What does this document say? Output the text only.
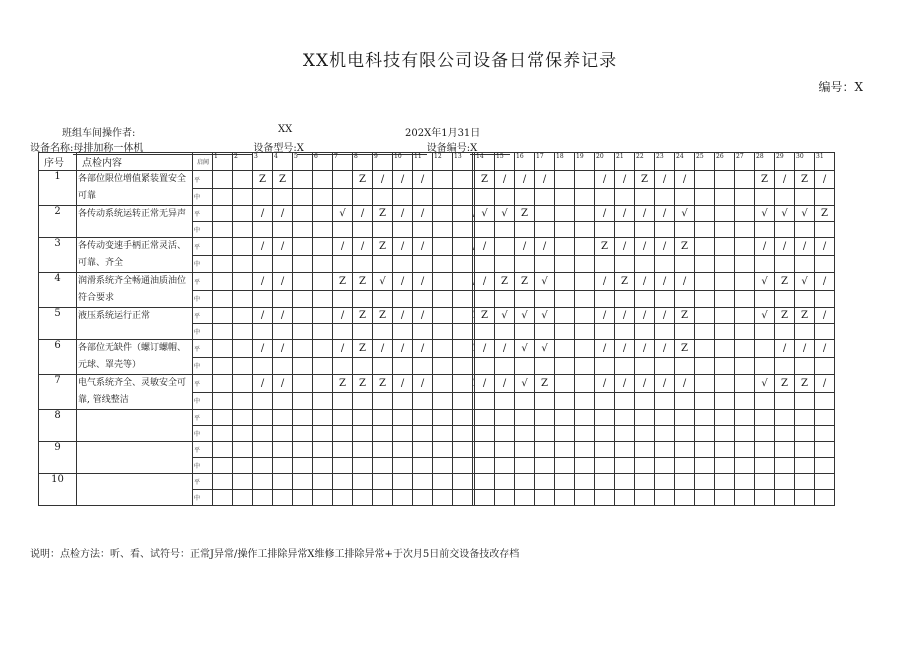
XX机电科技有限公司设备日常保养记录
编号：X
班组车间操作者:	XX	202X年1月31日
设备名称:母排加称一体机	设备型号:X	设备编号:X
序号	点检内容	启间	1	2	3	4	5	6	7	8	9	10	11	12	13		14	15	16	17	18	19	20	21	22	23	24	25	26	27	28	29	30	31
1	各部位限位增值紧装置安全可靠	平			Z	Z				Z	/	/	/				Z	/	/	/			/	/	Z	/	/				Z	/	Z	/
		中																																
2	各传动系统运转正常无异声	平			/	/			√	/	Z	/	/				√	√	Z				/	/	/	/	√				√	√	√	Z
		中																																
3	各传动变速手柄正常灵活、可靠、齐全	平			/	/			/	/	Z	/	/				/		/	/			Z	/	/	/	Z				/	/	/	/
		中																																
4	润滑系统齐全畅通油质油位符合要求	平			/	/			Z	Z	√	/	/				/	Z	Z	√			/	Z	/	/	/				√	Z	√	/
		中																																
5	液压系统运行正常	平			/	/			/	Z	Z	/	/				Z	√	√	√			/	/	/	/	Z				√	Z	Z	/
		中																																
6	各部位无缺件（螺订螺帽、元球、罩壳等）	平			/	/			/	Z	/	/	/				/	/	√	√			/	/	/	/	Z					/	/	/
		中																																
7	电气系统齐全、灵敏安全可靠, 管线整洁	平			/	/			Z	Z	Z	/	/				/	/	√	Z			/	/	/	/	/				√	Z	Z	/
		中																																
8		平																																
		中																																
9		平																																
		中																																
10		平																																
		中																																
说明：点检方法：听、看、试符号：正常J异常/操作工排除异常X维修工排除异常+于次月5日前交设备技改存档
